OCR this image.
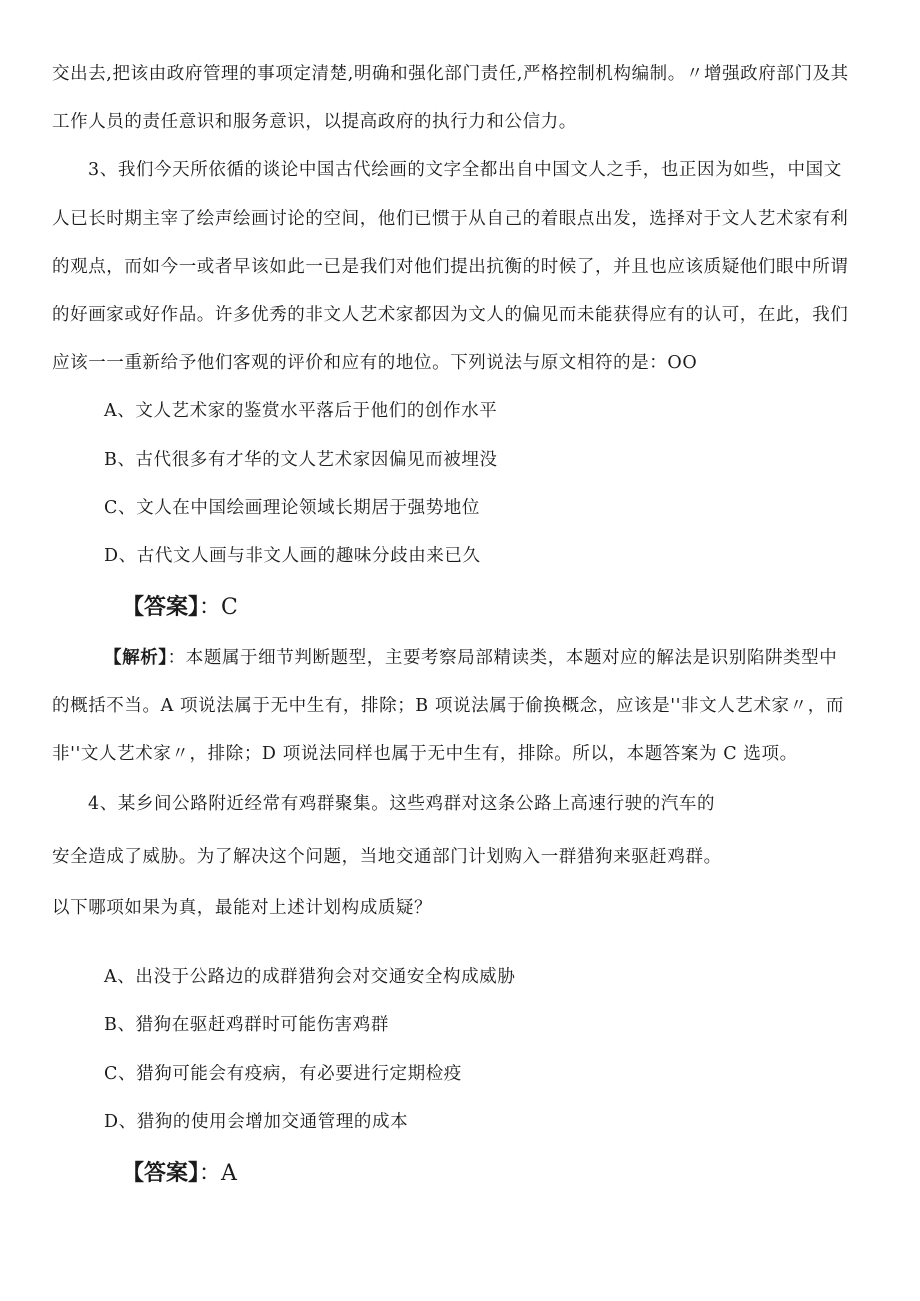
交出去,把该由政府管理的事项定清楚,明确和强化部门责任,严格控制机构编制。〃增强政府部门及其
工作人员的责任意识和服务意识，以提高政府的执行力和公信力。
3、我们今天所依循的谈论中国古代绘画的文字全都出自中国文人之手，也正因为如些，中国文
人已长时期主宰了绘声绘画讨论的空间，他们已惯于从自己的着眼点出发，选择对于文人艺术家有利
的观点，而如今一或者早该如此一已是我们对他们提出抗衡的时候了，并且也应该质疑他们眼中所谓
的好画家或好作品。许多优秀的非文人艺术家都因为文人的偏见而未能获得应有的认可，在此，我们
应该一一重新给予他们客观的评价和应有的地位。下列说法与原文相符的是：OO
A、文人艺术家的鉴赏水平落后于他们的创作水平
B、古代很多有才华的文人艺术家因偏见而被埋没
C、文人在中国绘画理论领域长期居于强势地位
D、古代文人画与非文人画的趣味分歧由来已久
【答案】：C
【解析】：本题属于细节判断题型，主要考察局部精读类，本题对应的解法是识别陷阱类型中
的概括不当。A 项说法属于无中生有，排除；B 项说法属于偷换概念，应该是''非文人艺术家〃，而
非''文人艺术家〃，排除；D 项说法同样也属于无中生有，排除。所以，本题答案为 C 选项。
4、某乡间公路附近经常有鸡群聚集。这些鸡群对这条公路上高速行驶的汽车的
安全造成了威胁。为了解决这个问题，当地交通部门计划购入一群猎狗来驱赶鸡群。
以下哪项如果为真，最能对上述计划构成质疑？
A、出没于公路边的成群猎狗会对交通安全构成威胁
B、猎狗在驱赶鸡群时可能伤害鸡群
C、猎狗可能会有疫病，有必要进行定期检疫
D、猎狗的使用会增加交通管理的成本
【答案】：A
